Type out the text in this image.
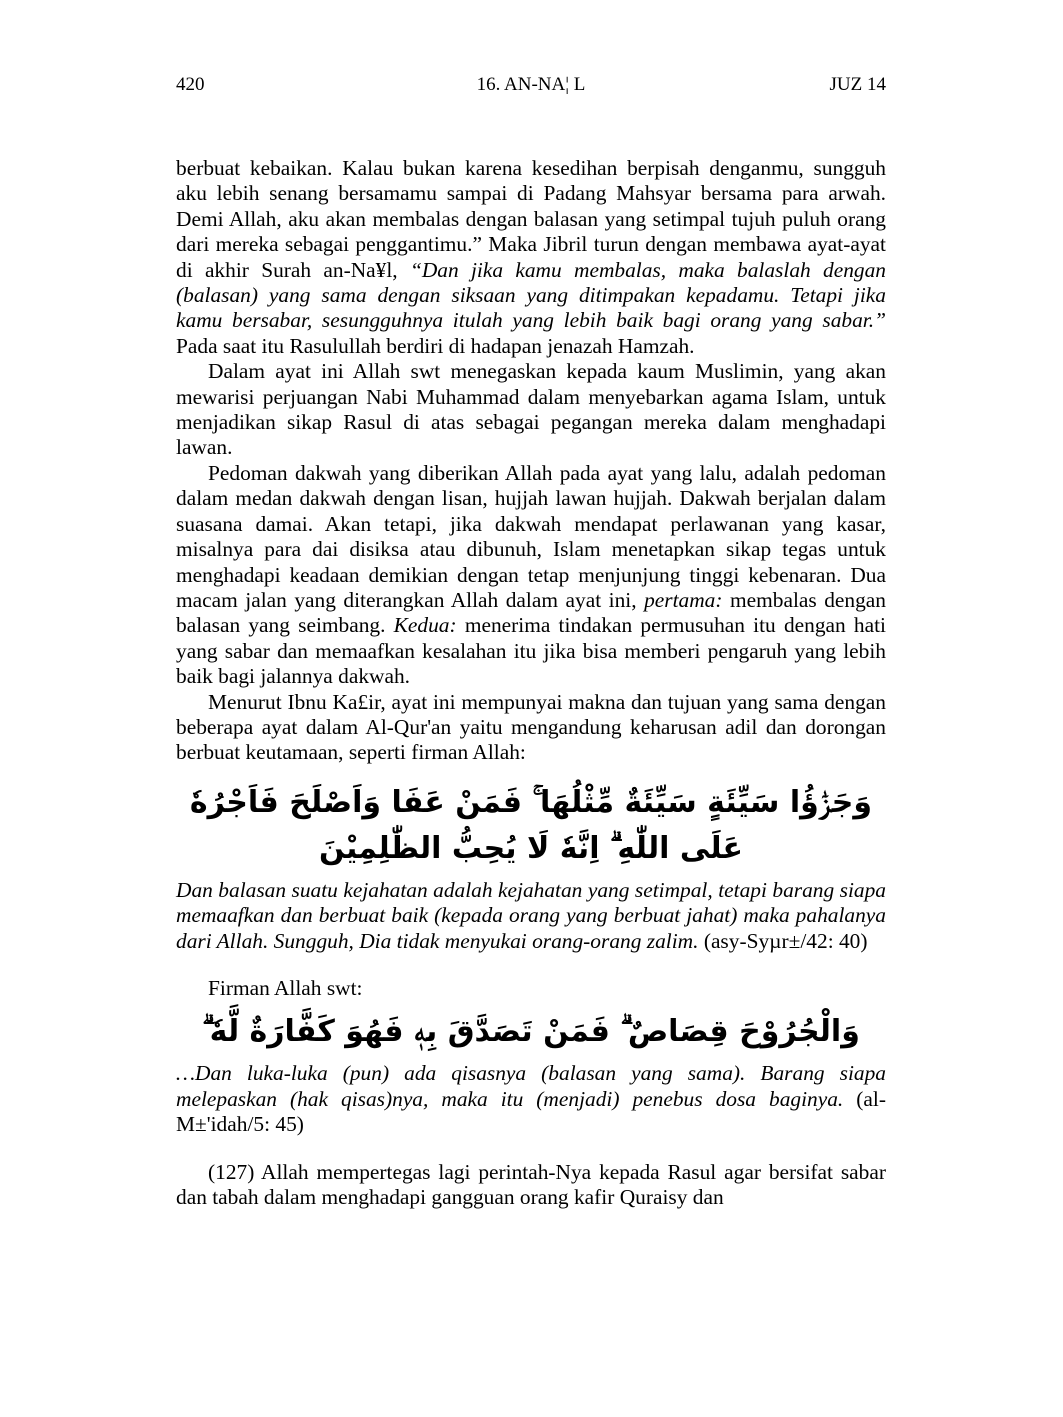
420	16. AN-NA¦ L	JUZ 14

berbuat kebaikan. Kalau bukan karena kesedihan berpisah denganmu, sungguh aku lebih senang bersamamu sampai di Padang Mahsyar bersama para arwah. Demi Allah, aku akan membalas dengan balasan yang setimpal tujuh puluh orang dari mereka sebagai penggantimu.” Maka Jibril turun dengan membawa ayat-ayat di akhir Surah an-Na¥l, “Dan jika kamu membalas, maka balaslah dengan (balasan) yang sama dengan siksaan yang ditimpakan kepadamu. Tetapi jika kamu bersabar, sesungguhnya itulah yang lebih baik bagi orang yang sabar.” Pada saat itu Rasulullah berdiri di hadapan jenazah Hamzah.

Dalam ayat ini Allah swt menegaskan kepada kaum Muslimin, yang akan mewarisi perjuangan Nabi Muhammad dalam menyebarkan agama Islam, untuk menjadikan sikap Rasul di atas sebagai pegangan mereka dalam menghadapi lawan.

Pedoman dakwah yang diberikan Allah pada ayat yang lalu, adalah pedoman dalam medan dakwah dengan lisan, hujjah lawan hujjah. Dakwah berjalan dalam suasana damai. Akan tetapi, jika dakwah mendapat perlawanan yang kasar, misalnya para dai disiksa atau dibunuh, Islam menetapkan sikap tegas untuk menghadapi keadaan demikian dengan tetap menjunjung tinggi kebenaran. Dua macam jalan yang diterangkan Allah dalam ayat ini, pertama: membalas dengan balasan yang seimbang. Kedua: menerima tindakan permusuhan itu dengan hati yang sabar dan memaafkan kesalahan itu jika bisa memberi pengaruh yang lebih baik bagi jalannya dakwah.

Menurut Ibnu Ka£ir, ayat ini mempunyai makna dan tujuan yang sama dengan beberapa ayat dalam Al-Qur'an yaitu mengandung keharusan adil dan dorongan berbuat keutamaan, seperti firman Allah:

وَجَزٰۤؤُا سَيِّئَةٍ سَيِّئَةٌ مِّثْلُهَا ۚ فَمَنْ عَفَا وَاَصْلَحَ فَاَجْرُهٗ عَلَى اللّٰهِ ۗ اِنَّهٗ لَا يُحِبُّ الظّٰلِمِيْنَ

Dan balasan suatu kejahatan adalah kejahatan yang setimpal, tetapi barang siapa memaafkan dan berbuat baik (kepada orang yang berbuat jahat) maka pahalanya dari Allah. Sungguh, Dia tidak menyukai orang-orang zalim. (asy-Syµr±/42: 40)

Firman Allah swt:

وَالْجُرُوْحَ قِصَاصٌ ۗ فَمَنْ تَصَدَّقَ بِهٖ فَهُوَ كَفَّارَةٌ لَّهٗ ۗ

…Dan luka-luka (pun) ada qisasnya (balasan yang sama). Barang siapa melepaskan (hak qisas)nya, maka itu (menjadi) penebus dosa baginya. (al-M±'idah/5: 45)

(127) Allah mempertegas lagi perintah-Nya kepada Rasul agar bersifat sabar dan tabah dalam menghadapi gangguan orang kafir Quraisy dan
